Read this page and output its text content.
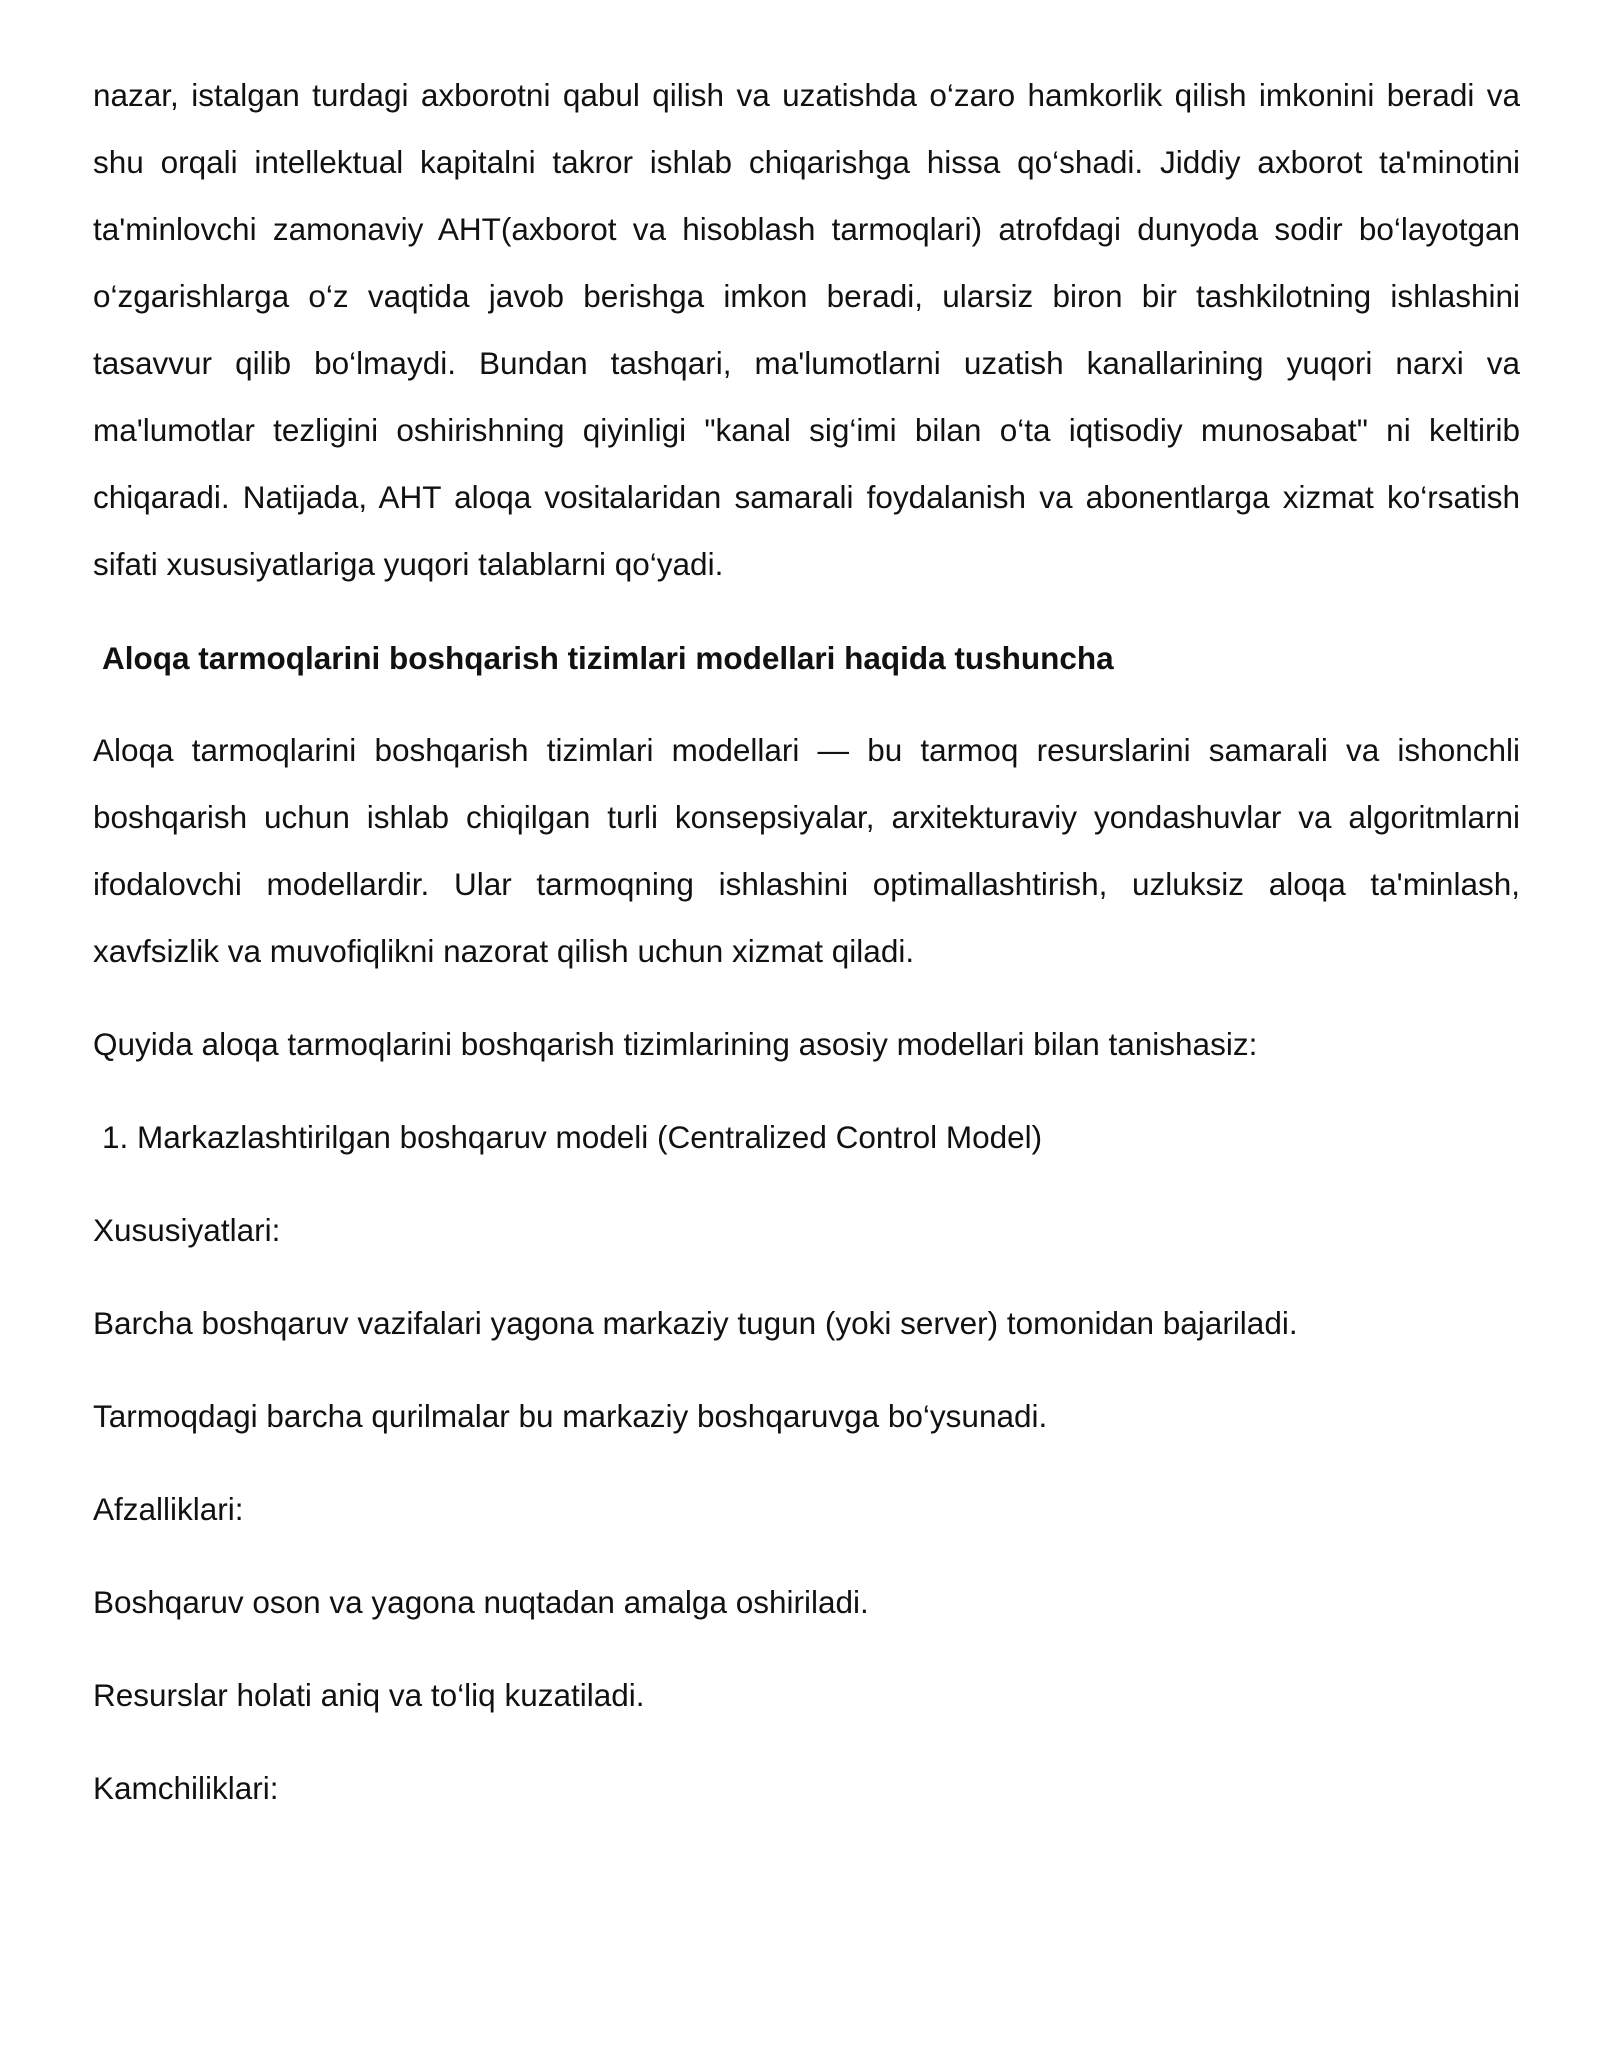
nazar, istalgan turdagi axborotni qabul qilish va uzatishda o‘zaro hamkorlik qilish imkonini beradi va shu orqali intellektual kapitalni takror ishlab chiqarishga hissa qo‘shadi. Jiddiy axborot ta'minotini ta'minlovchi zamonaviy AHT(axborot va hisoblash tarmoqlari) atrofdagi dunyoda sodir bo‘layotgan o‘zgarishlarga o‘z vaqtida javob berishga imkon beradi, ularsiz biron bir tashkilotning ishlashini tasavvur qilib bo‘lmaydi. Bundan tashqari, ma'lumotlarni uzatish kanallarining yuqori narxi va ma'lumotlar tezligini oshirishning qiyinligi "kanal sig‘imi bilan o‘ta iqtisodiy munosabat" ni keltirib chiqaradi. Natijada, AHT aloqa vositalaridan samarali foydalanish va abonentlarga xizmat ko‘rsatish sifati xususiyatlariga yuqori talablarni qo‘yadi.

Aloqa tarmoqlarini boshqarish tizimlari modellari haqida tushuncha

Aloqa tarmoqlarini boshqarish tizimlari modellari — bu tarmoq resurslarini samarali va ishonchli boshqarish uchun ishlab chiqilgan turli konsepsiyalar, arxitekturaviy yondashuvlar va algoritmlarni ifodalovchi modellardir. Ular tarmoqning ishlashini optimallashtirish, uzluksiz aloqa ta'minlash, xavfsizlik va muvofiqlikni nazorat qilish uchun xizmat qiladi.

Quyida aloqa tarmoqlarini boshqarish tizimlarining asosiy modellari bilan tanishasiz:

1. Markazlashtirilgan boshqaruv modeli (Centralized Control Model)

Xususiyatlari:

Barcha boshqaruv vazifalari yagona markaziy tugun (yoki server) tomonidan bajariladi.

Tarmoqdagi barcha qurilmalar bu markaziy boshqaruvga bo‘ysunadi.

Afzalliklari:

Boshqaruv oson va yagona nuqtadan amalga oshiriladi.

Resurslar holati aniq va to‘liq kuzatiladi.

Kamchiliklari:
